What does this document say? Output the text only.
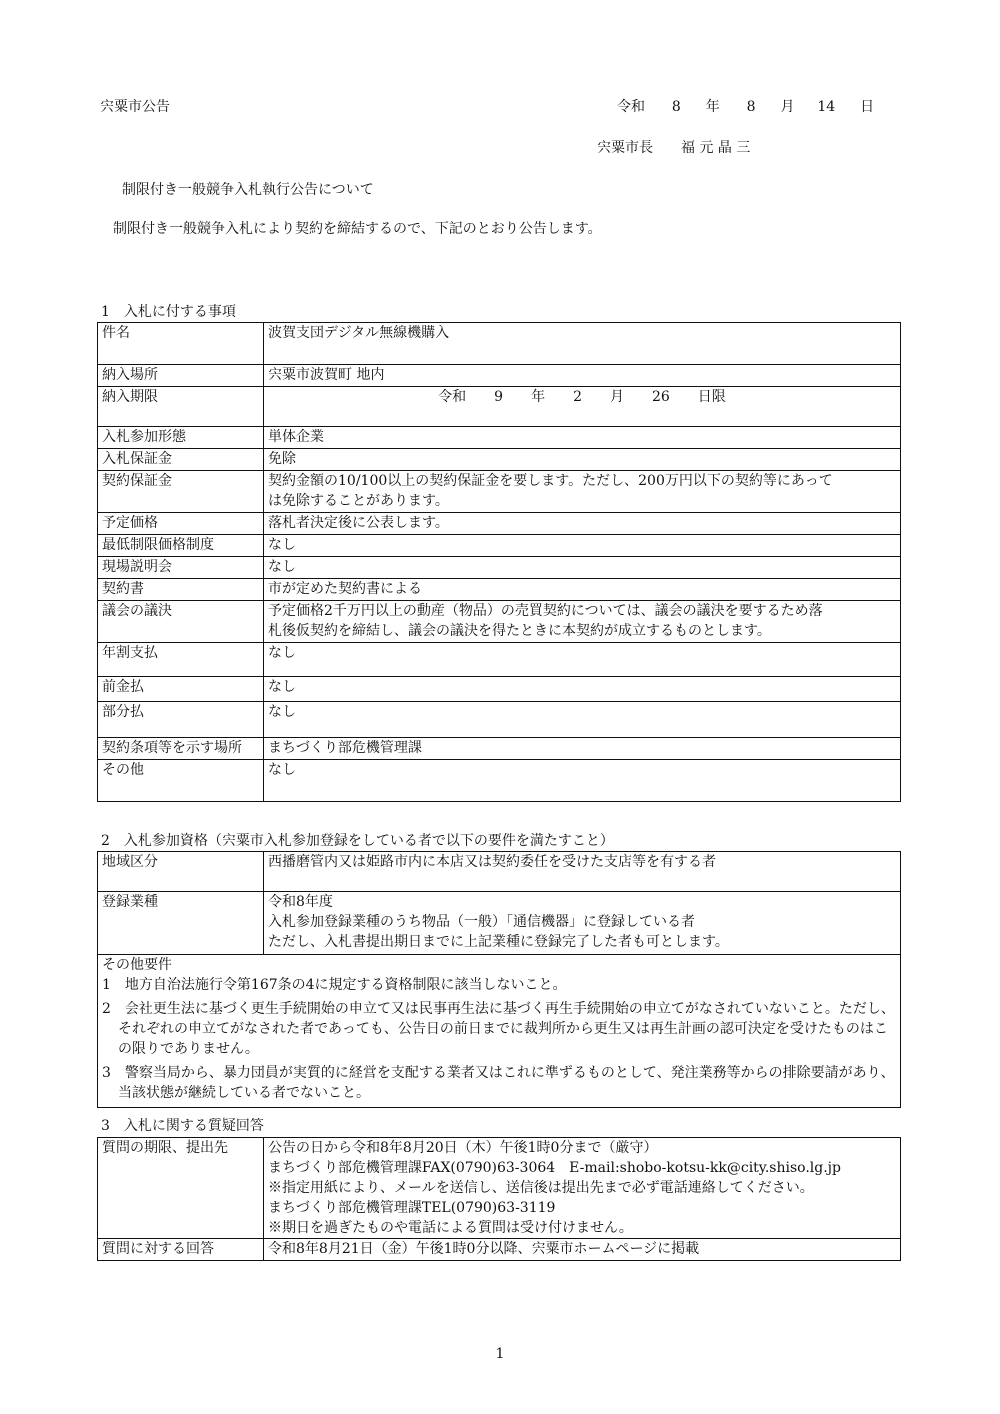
宍粟市公告	令和 8 年 8 月 14 日
宍粟市長　　福 元 晶 三
制限付き一般競争入札執行公告について
制限付き一般競争入札により契約を締結するので、下記のとおり公告します。
1　入札に付する事項
件名	波賀支団デジタル無線機購入
納入場所	宍粟市波賀町 地内
納入期限	令和　　9　　年　　2　　月　　26　　日限
入札参加形態	単体企業
入札保証金	免除
契約保証金	契約金額の10/100以上の契約保証金を要します。ただし、200万円以下の契約等にあって
は免除することがあります。

予定価格	落札者決定後に公表します。
最低制限価格制度	なし
現場説明会	なし
契約書	市が定めた契約書による
議会の議決	予定価格2千万円以上の動産（物品）の売買契約については、議会の議決を要するため落
札後仮契約を締結し、議会の議決を得たときに本契約が成立するものとします。

年割支払	なし
前金払	なし
部分払	なし
契約条項等を示す場所	まちづくり部危機管理課
その他	なし
2　入札参加資格（宍粟市入札参加登録をしている者で以下の要件を満たすこと）
地域区分	西播磨管内又は姫路市内に本店又は契約委任を受けた支店等を有する者
登録業種	令和8年度
入札参加登録業種のうち物品（一般）「通信機器」に登録している者
ただし、入札書提出期日までに上記業種に登録完了した者も可とします。

その他要件	

1　地方自治法施行令第167条の4に規定する資格制限に該当しないこと。

2　会社更生法に基づく更生手続開始の申立て又は民事再生法に基づく再生手続開始の申立てがなされていないこと。ただし、それぞれの申立てがなされた者であっても、公告日の前日までに裁判所から更生又は再生計画の認可決定を受けたものはこの限りでありません。

3　警察当局から、暴力団員が実質的に経営を支配する業者又はこれに準ずるものとして、発注業務等からの排除要請があり、当該状態が継続している者でないこと。	

3　入札に関する質疑回答
質問の期限、提出先	公告の日から令和8年8月20日（木）午後1時0分まで（厳守）
まちづくり部危機管理課FAX(0790)63-3064　E-mail:shobo-kotsu-kk@city.shiso.lg.jp
※指定用紙により、メールを送信し、送信後は提出先まで必ず電話連絡してください。
まちづくり部危機管理課TEL(0790)63-3119
※期日を過ぎたものや電話による質問は受け付けません。

質問に対する回答	令和8年8月21日（金）午後1時0分以降、宍粟市ホームページに掲載
1
